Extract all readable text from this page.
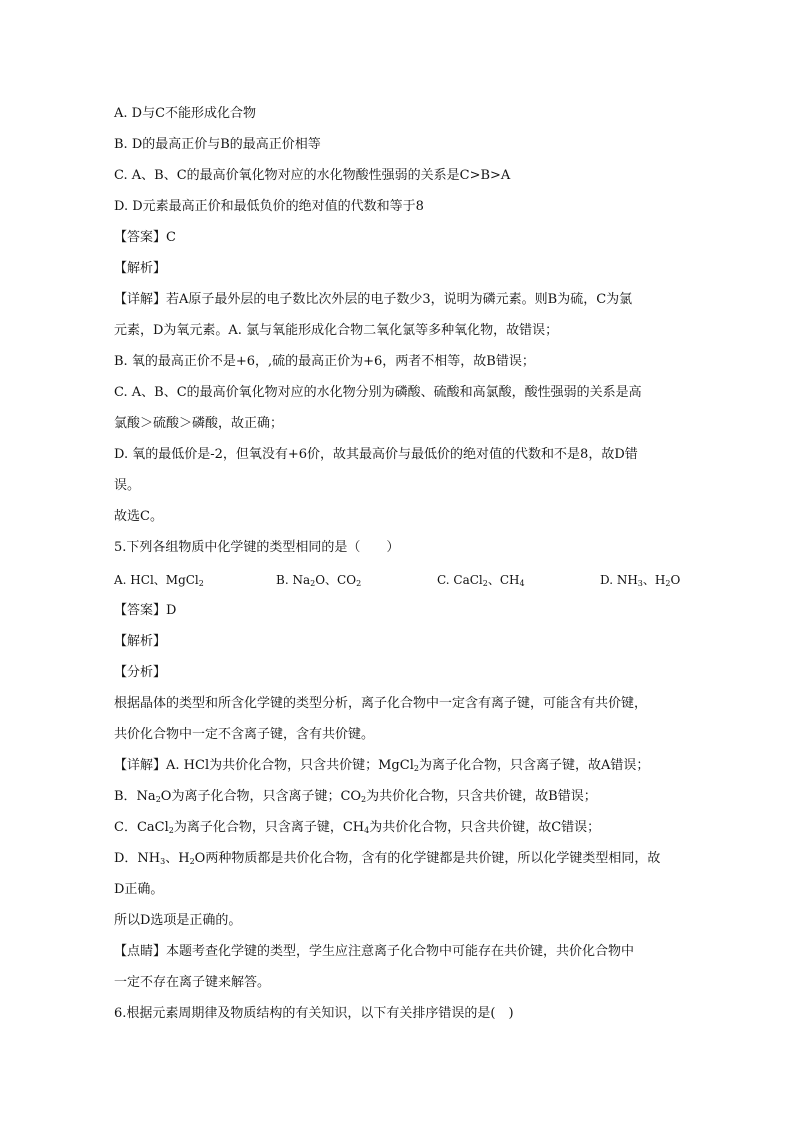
A. D与C不能形成化合物
B. D的最高正价与B的最高正价相等
C. A、B、C的最高价氧化物对应的水化物酸性强弱的关系是C>B>A
D. D元素最高正价和最低负价的绝对值的代数和等于8
【答案】C
【解析】
【详解】若A原子最外层的电子数比次外层的电子数少3，说明为磷元素。则B为硫，C为氯
元素，D为氧元素。A. 氯与氧能形成化合物二氧化氯等多种氧化物，故错误；
B. 氧的最高正价不是+6，,硫的最高正价为+6，两者不相等，故B错误；
C. A、B、C的最高价氧化物对应的水化物分别为磷酸、硫酸和高氯酸，酸性强弱的关系是高
氯酸＞硫酸＞磷酸，故正确；
D. 氧的最低价是-2，但氧没有+6价，故其最高价与最低价的绝对值的代数和不是8，故D错
误。
故选C。
5.下列各组物质中化学键的类型相同的是（　　）
A. HCl、MgCl$_2$	B. $Na_2O$、$CO_2$	C. CaCl$_2$、$CH_4$	D. $NH_3$、$H_2O$
【答案】D
【解析】
【分析】
根据晶体的类型和所含化学键的类型分析，离子化合物中一定含有离子键，可能含有共价键，
共价化合物中一定不含离子键，含有共价键。
【详解】A. HCl为共价化合物，只含共价键；MgCl$_2$为离子化合物，只含离子键，故A错误；
B．$Na_2O$为离子化合物，只含离子键；$CO_2$为共价化合物，只含共价键，故B错误；
C．CaCl$_2$为离子化合物，只含离子键，$CH_4$为共价化合物，只含共价键，故C错误；
D．$NH_3$、$H_2O$两种物质都是共价化合物，含有的化学键都是共价键，所以化学键类型相同，故
D正确。
所以D选项是正确的。
【点睛】本题考查化学键的类型，学生应注意离子化合物中可能存在共价键，共价化合物中
一定不存在离子键来解答。
6.根据元素周期律及物质结构的有关知识，以下有关排序错误的是(　)
